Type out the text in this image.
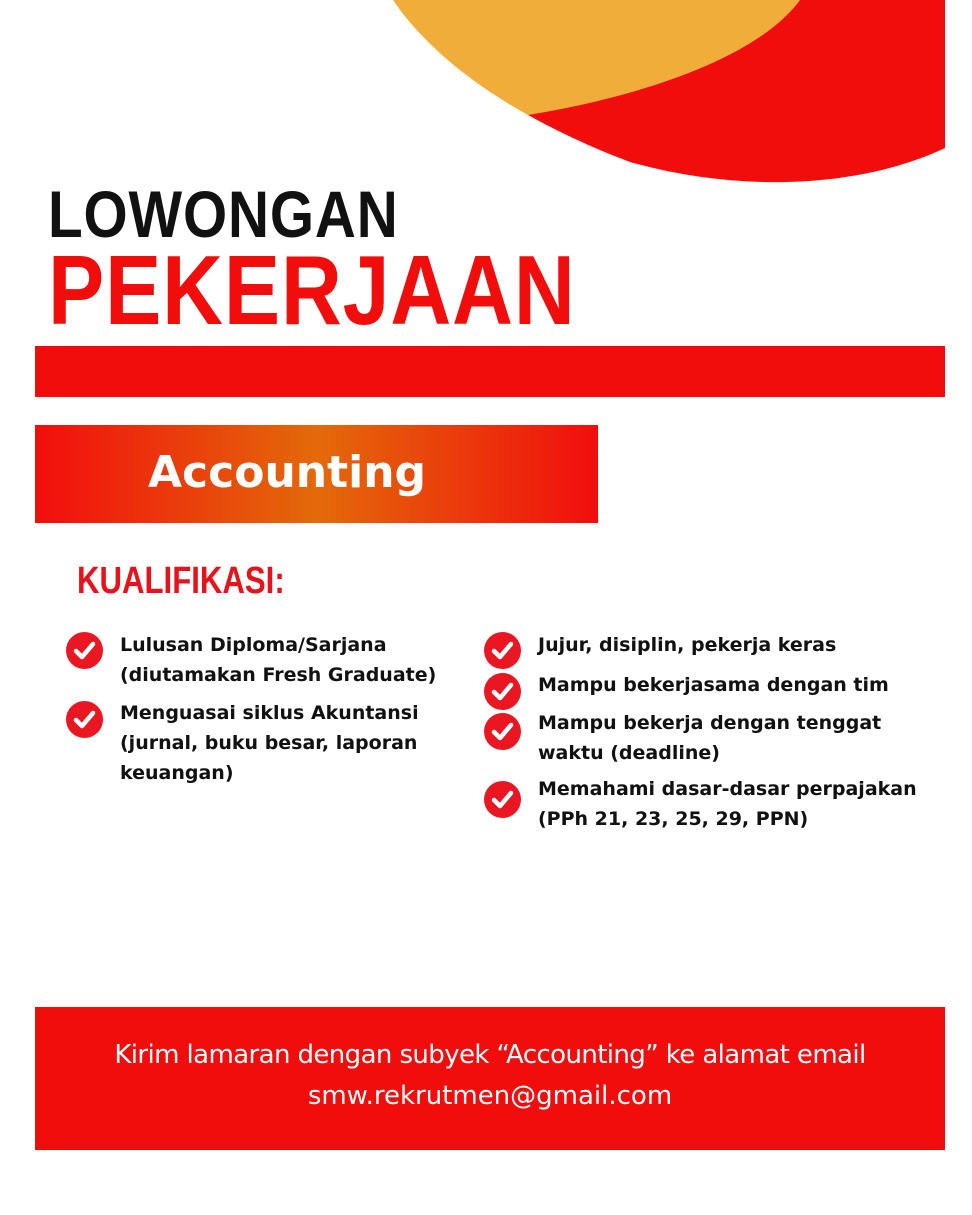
LOWONGAN
PEKERJAAN
Accounting
KUALIFIKASI:
Lulusan Diploma/Sarjana
(diutamakan Fresh Graduate)
Menguasai siklus Akuntansi
(jurnal, buku besar, laporan
keuangan)
Jujur, disiplin, pekerja keras
Mampu bekerjasama dengan tim
Mampu bekerja dengan tenggat
waktu (deadline)
Memahami dasar-dasar perpajakan
(PPh 21, 23, 25, 29, PPN)
Kirim lamaran dengan subyek “Accounting” ke alamat email
smw.rekrutmen@gmail.com
